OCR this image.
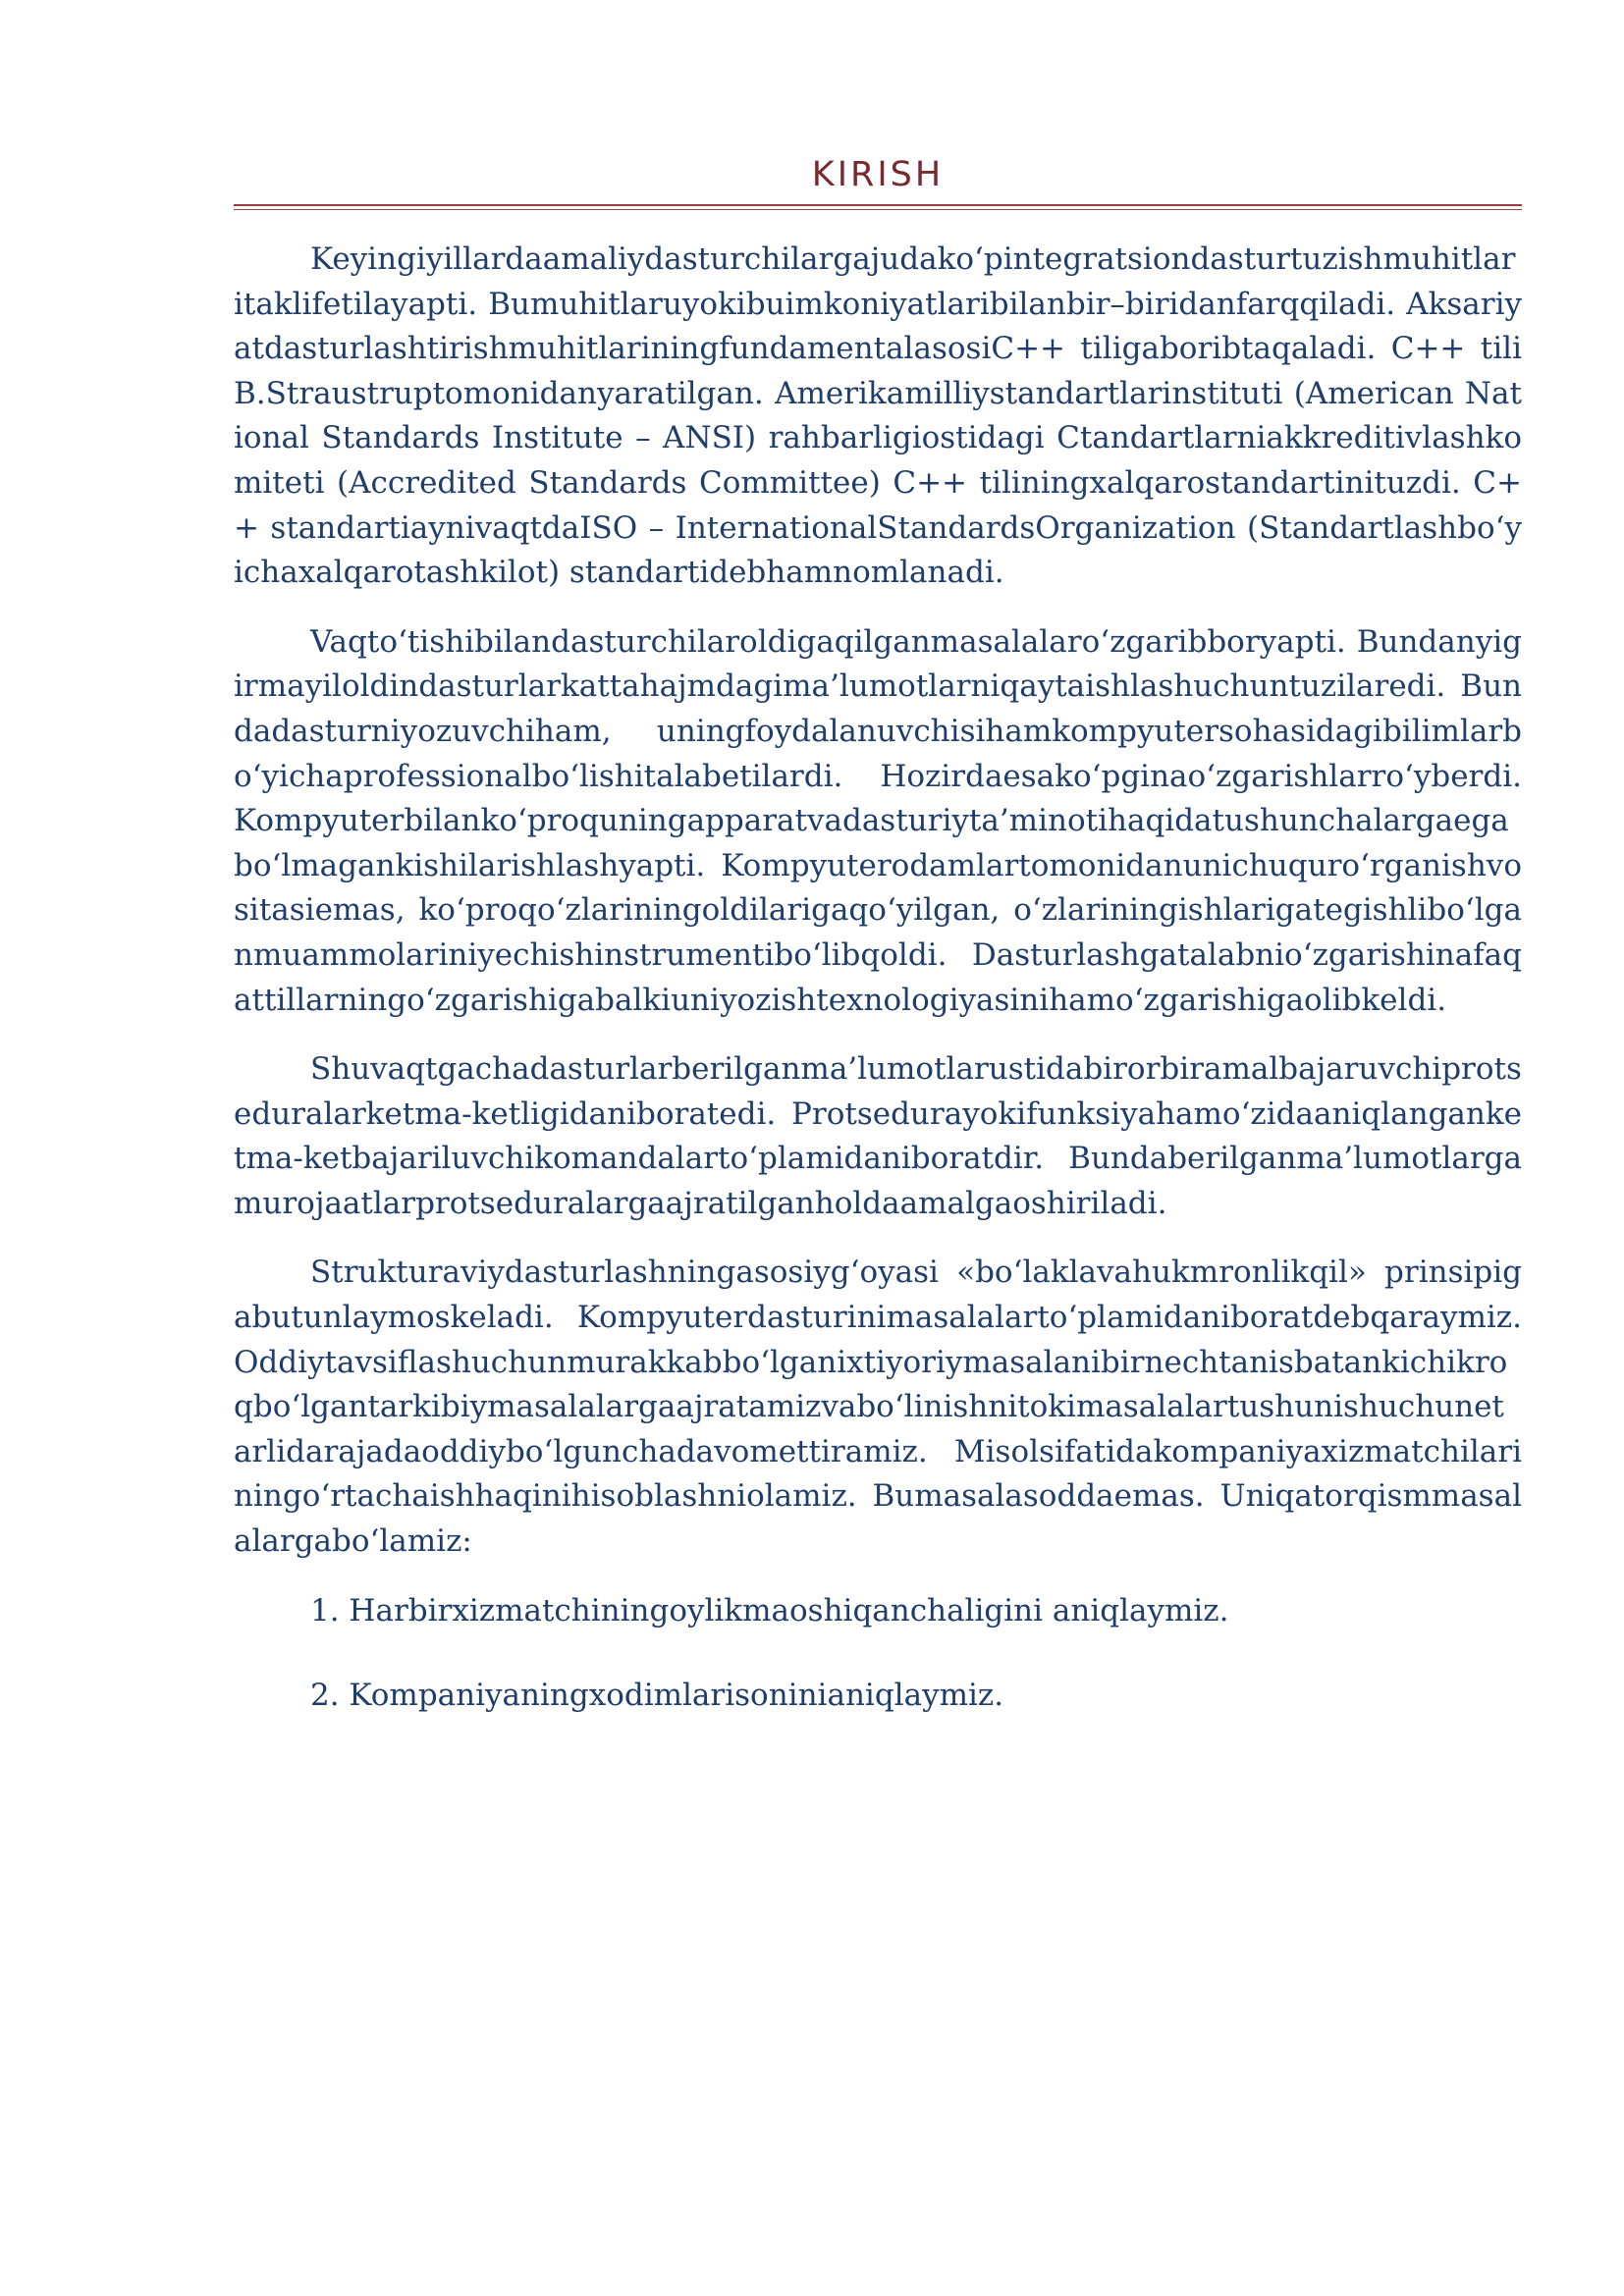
KIRISH

Keyingiyillardaamaliydasturchilargajudako‘pintegratsiondasturtuzishmuhitlaritaklifetilayapti. Bumuhitlaruyokibuimkoniyatlaribilanbir–biridanfarqqiladi. AksariyatdasturlashtirishmuhitlariningfundamentalasosiC++ tiligaboribtaqaladi. C++ tiliB.Straustruptomonidanyaratilgan. Amerikamilliystandartlarinstituti (American National Standards Institute – ANSI) rahbarligiostidagi Ctandartlarniakkreditivlashkomiteti (Accredited Standards Committee) C++ tiliningxalqarostandartinituzdi. C++ standartiaynivaqtdaISO – InternationalStandardsOrganization (Standartlashbo‘yichaxalqarotashkilot) standartidebhamnomlanadi.

Vaqto‘tishibilandasturchilaroldigaqilganmasalalaro‘zgaribboryapti. Bundanyigirmayiloldindasturlarkattahajmdagima’lumotlarniqaytaishlashuchuntuzilaredi. Bundadasturniyozuvchiham, uningfoydalanuvchisihamkompyutersohasidagibilimlarbo‘yichaprofessionalbo‘lishitalabetilardi. Hozirdaesako‘pginao‘zgarishlarro‘yberdi. Kompyuterbilanko‘proquningapparatvadasturiyta’minotihaqidatushunchalargaegabo‘lmagankishilarishlashyapti. Kompyuterodamlartomonidanunichuqurо‘rganishvositasiemas, ko‘proqo‘zlariningoldilarigaqo‘yilgan, o‘zlariningishlarigategishlibo‘lganmuammolariniyechishinstrumentibo‘libqoldi. Dasturlashgatalabnio‘zgarishinafaqattillarningo‘zgarishigabalkiuniyozishtexnologiyasinihamo‘zgarishigaolibkeldi.

Shuvaqtgachadasturlarberilganma’lumotlarustidabirorbiramalbajaruvchiprotseduralarketma-ketligidaniboratedi. Protsedurayokifunksiyahamo‘zidaaniqlanganketma-ketbajariluvchikomandalarto‘plamidaniboratdir. Bundaberilganma’lumotlargamurojaatlarprotseduralargaajratilganholdaamalgaoshiriladi.

Strukturaviydasturlashningasosiyg‘oyasi «bo‘laklavahukmronlikqil» prinsipigabutunlaymoskeladi. Kompyuterdasturinimasalalarto‘plamidaniboratdebqaraymiz. Oddiytavsiflashuchunmurakkabbo‘lganixtiyoriymasalanibirnechtanisbatankichikroqbo‘lgantarkibiymasalalargaajratamizvabo‘linishnitokimasalalartushunishuchunetarlidarajadaoddiybo‘lgunchadavomettiramiz. Misolsifatidakompaniyaxizmatchilariningo‘rtachaishhaqinihisoblashniolamiz. Bumasalasoddaemas. Uniqatorqismmasalalargabo‘lamiz:

1. Harbirxizmatchiningoylikmaoshiqanchaligini aniqlaymiz.
2. Kompaniyaningxodimlarisoninianiqlaymiz.
